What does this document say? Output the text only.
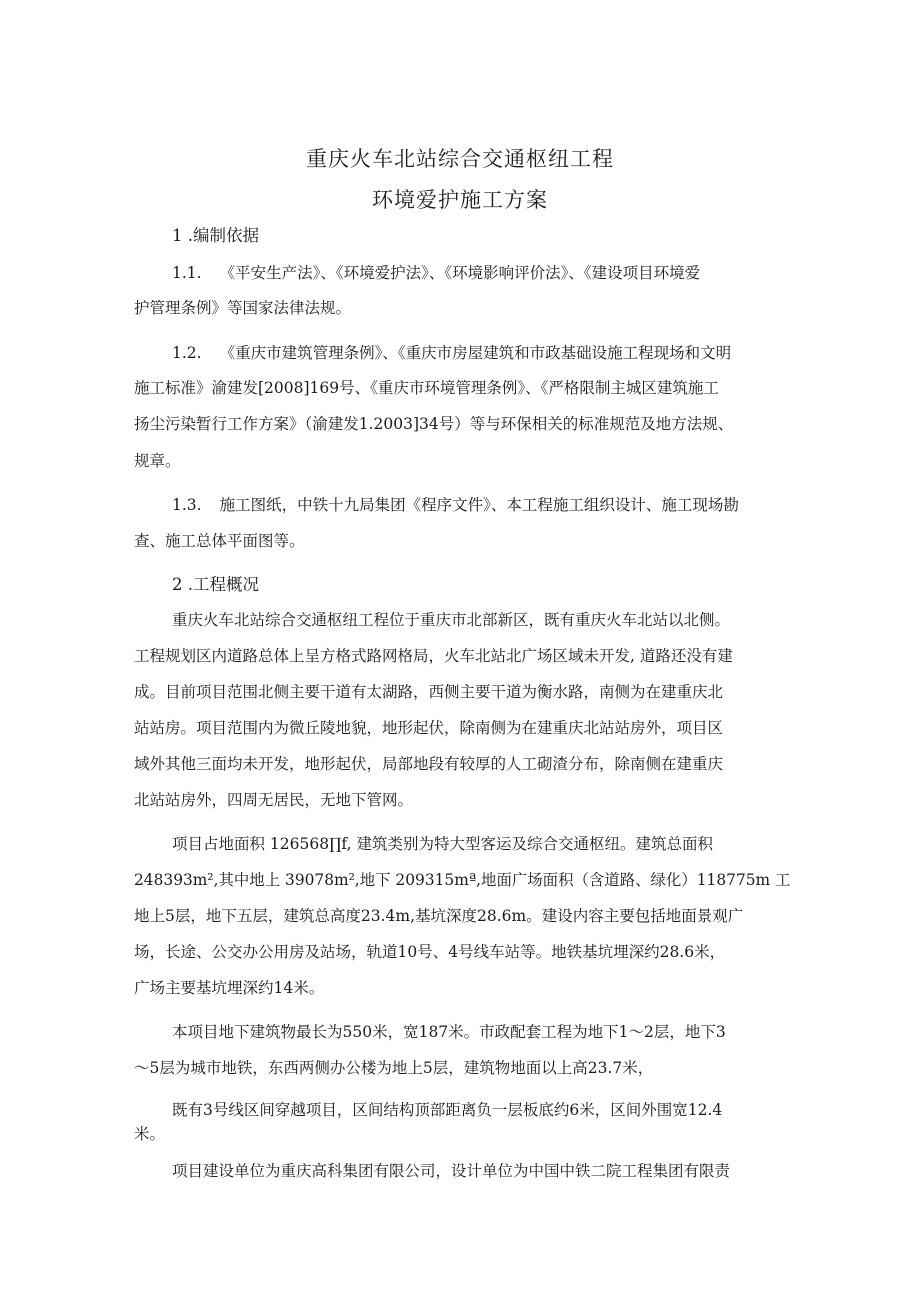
重庆火车北站综合交通枢纽工程
环境爱护施工方案
1 .编制依据
1.1. 《平安生产法》、《环境爱护法》、《环境影响评价法》、《建设项目环境爱
护管理条例》等国家法律法规。
1.2. 《重庆市建筑管理条例》、《重庆市房屋建筑和市政基础设施工程现场和文明
施工标准》渝建发[2008]169号、《重庆市环境管理条例》、《严格限制主城区建筑施工
扬尘污染暂行工作方案》（渝建发1.2003]34号）等与环保相关的标准规范及地方法规、
规章。
1.3. 施工图纸，中铁十九局集团《程序文件》、本工程施工组织设计、施工现场勘
查、施工总体平面图等。
2 .工程概况
重庆火车北站综合交通枢纽工程位于重庆市北部新区，既有重庆火车北站以北侧。
工程规划区内道路总体上呈方格式路网格局，火车北站北广场区域未开发, 道路还没有建
成。目前项目范围北侧主要干道有太湖路，西侧主要干道为衡水路，南侧为在建重庆北
站站房。项目范围内为微丘陵地貌，地形起伏，除南侧为在建重庆北站站房外，项目区
域外其他三面均未开发，地形起伏，局部地段有较厚的人工砌渣分布，除南侧在建重庆
北站站房外，四周无居民，无地下管网。
项目占地面积 126568∏f, 建筑类别为特大型客运及综合交通枢纽。建筑总面积
248393m²,其中地上 39078m²,地下 209315mª,地面广场面积（含道路、绿化）118775m 工
地上5层，地下五层，建筑总高度23.4m,基坑深度28.6m。建设内容主要包括地面景观广
场，长途、公交办公用房及站场，轨道10号、4号线车站等。地铁基坑埋深约28.6米，
广场主要基坑埋深约14米。
本项目地下建筑物最长为550米，宽187米。市政配套工程为地下1～2层，地下3
～5层为城市地铁，东西两侧办公楼为地上5层，建筑物地面以上高23.7米，
既有3号线区间穿越项目，区间结构顶部距离负一层板底约6米，区间外围宽12.4
米。
项目建设单位为重庆高科集团有限公司，设计单位为中国中铁二院工程集团有限责
